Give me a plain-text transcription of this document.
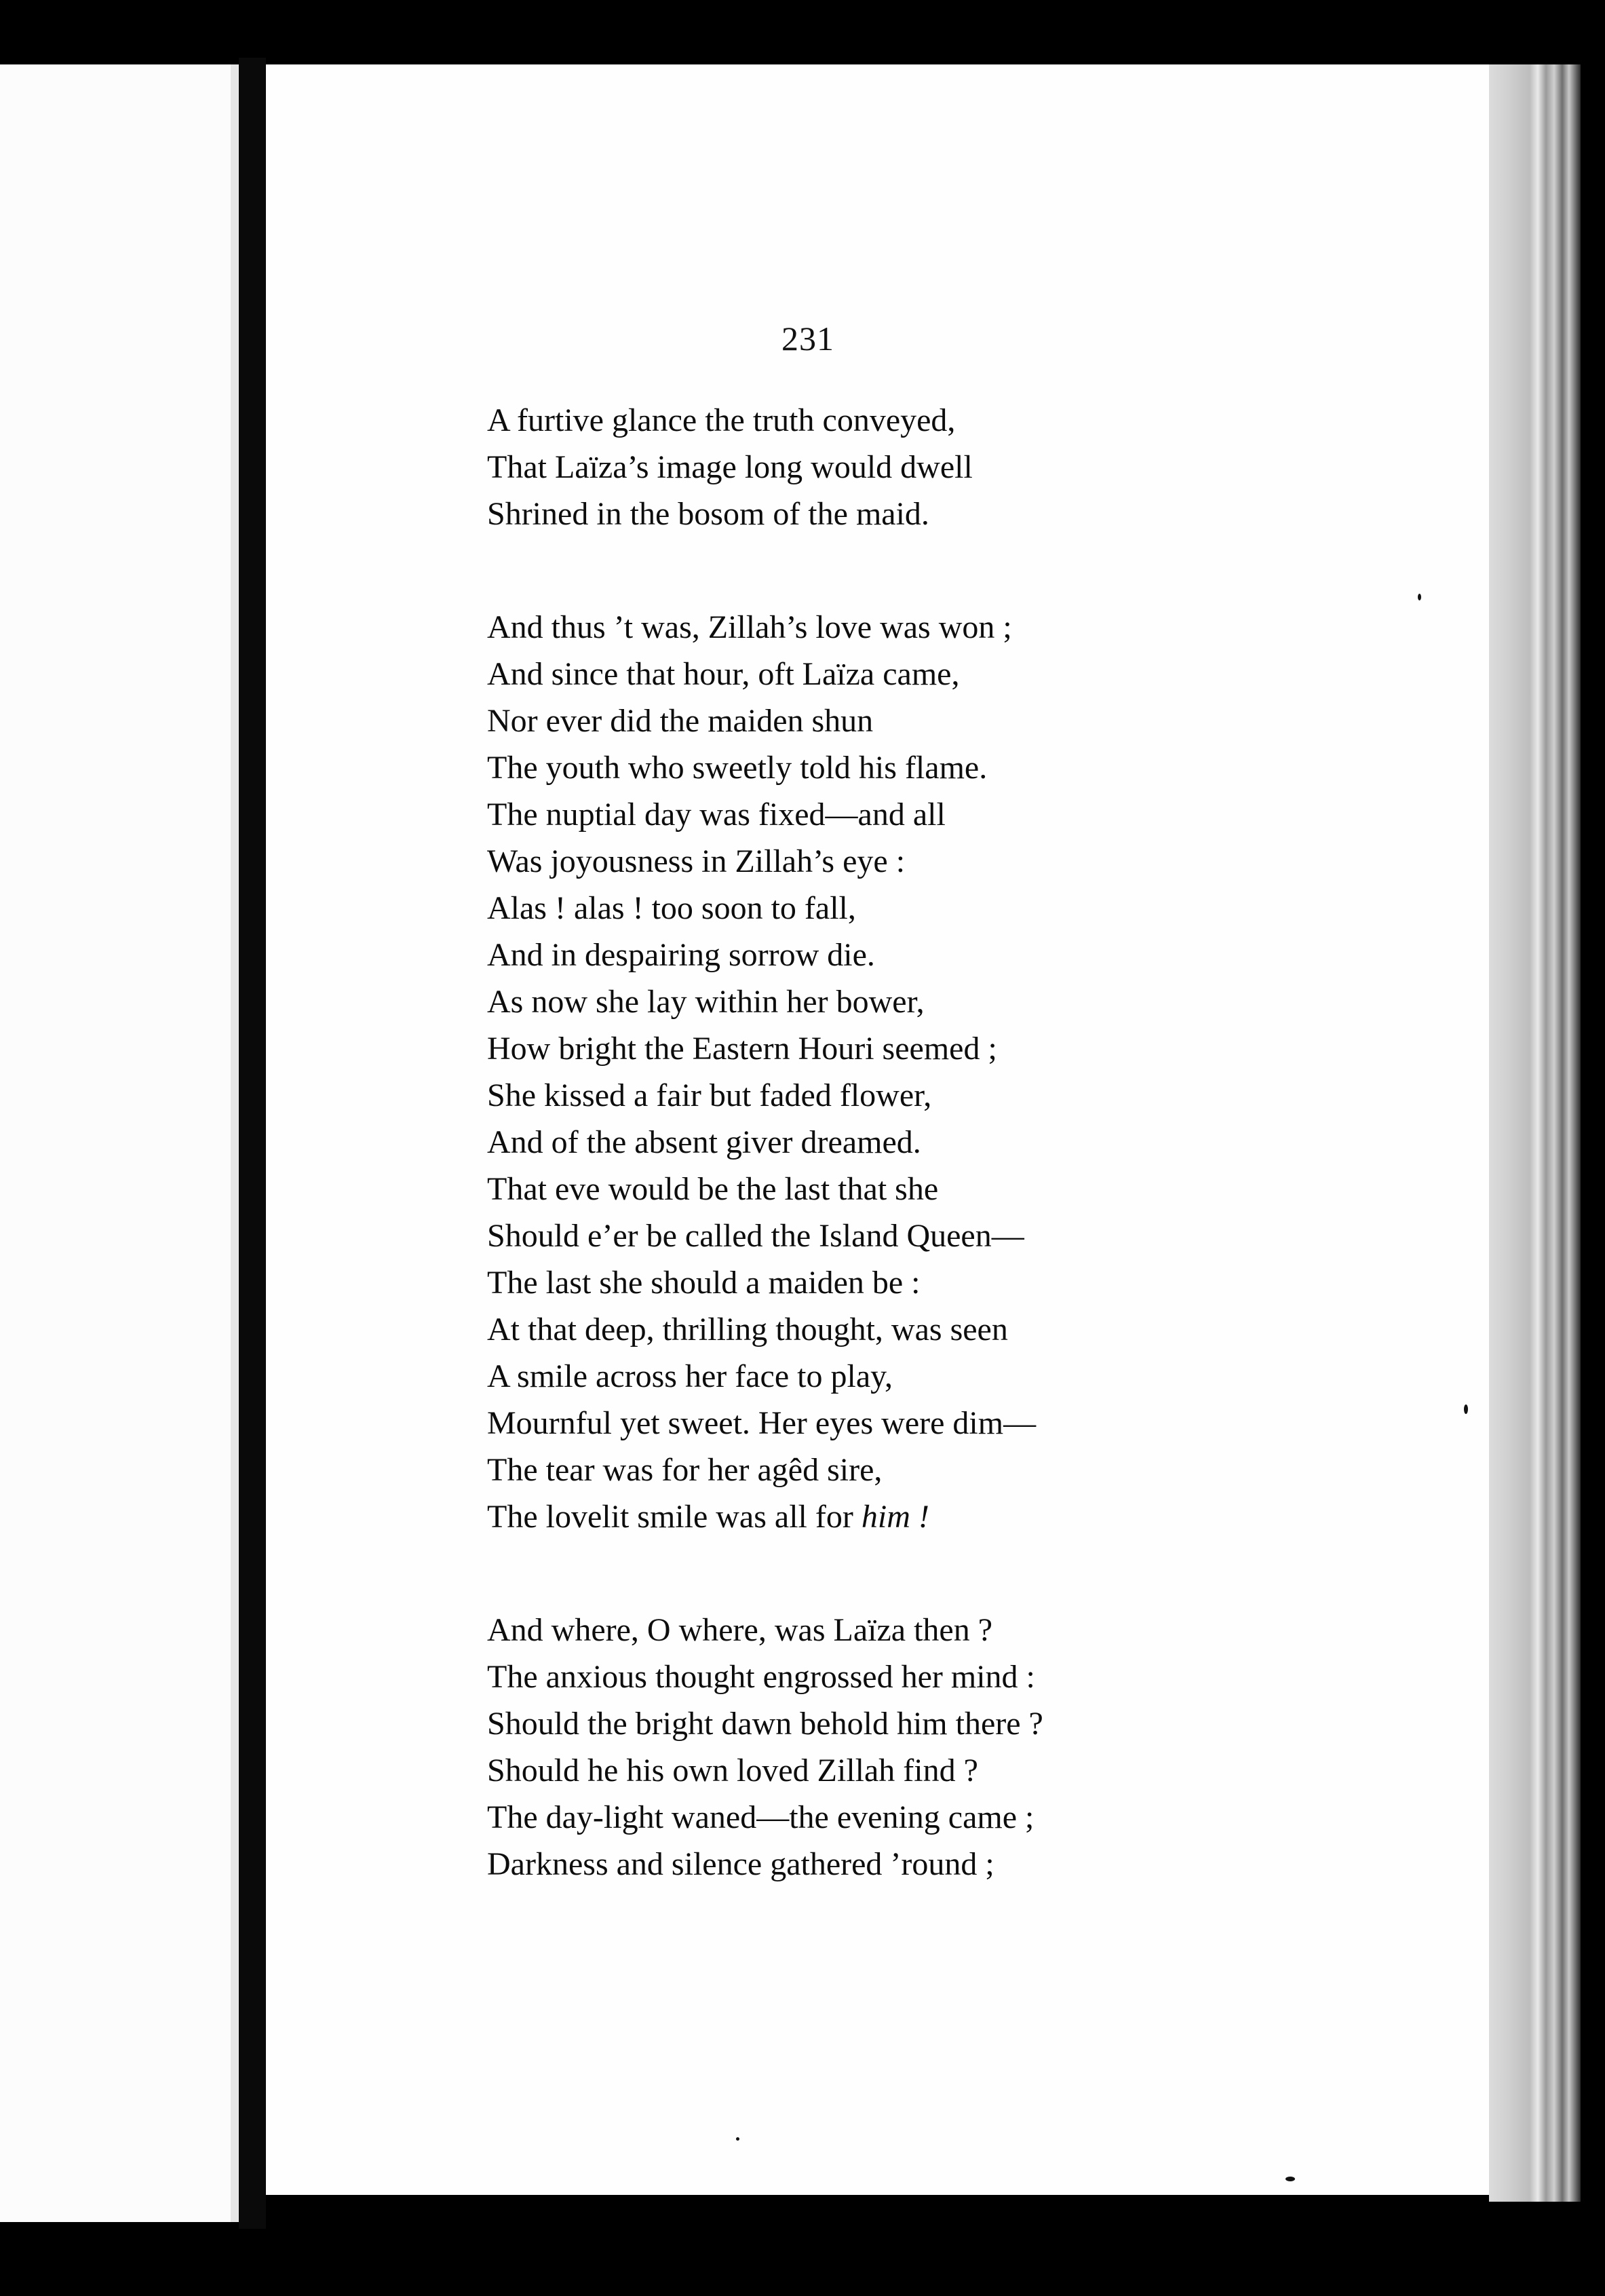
231
A furtive glance the truth conveyed,
That Laïza’s image long would dwell
Shrined in the bosom of the maid.
And thus ’t was, Zillah’s love was won ;
And since that hour, oft Laïza came,
Nor ever did the maiden shun
The youth who sweetly told his flame.
The nuptial day was fixed—and all
Was joyousness in Zillah’s eye :
Alas ! alas ! too soon to fall,
And in despairing sorrow die.
As now she lay within her bower,
How bright the Eastern Houri seemed ;
She kissed a fair but faded flower,
And of the absent giver dreamed.
That eve would be the last that she
Should e’er be called the Island Queen—
The last she should a maiden be :
At that deep, thrilling thought, was seen
A smile across her face to play,
Mournful yet sweet. Her eyes were dim—
The tear was for her agêd sire,
The lovelit smile was all for him !
And where, O where, was Laïza then ?
The anxious thought engrossed her mind :
Should the bright dawn behold him there ?
Should he his own loved Zillah find ?
The day-light waned—the evening came ;
Darkness and silence gathered ’round ;
